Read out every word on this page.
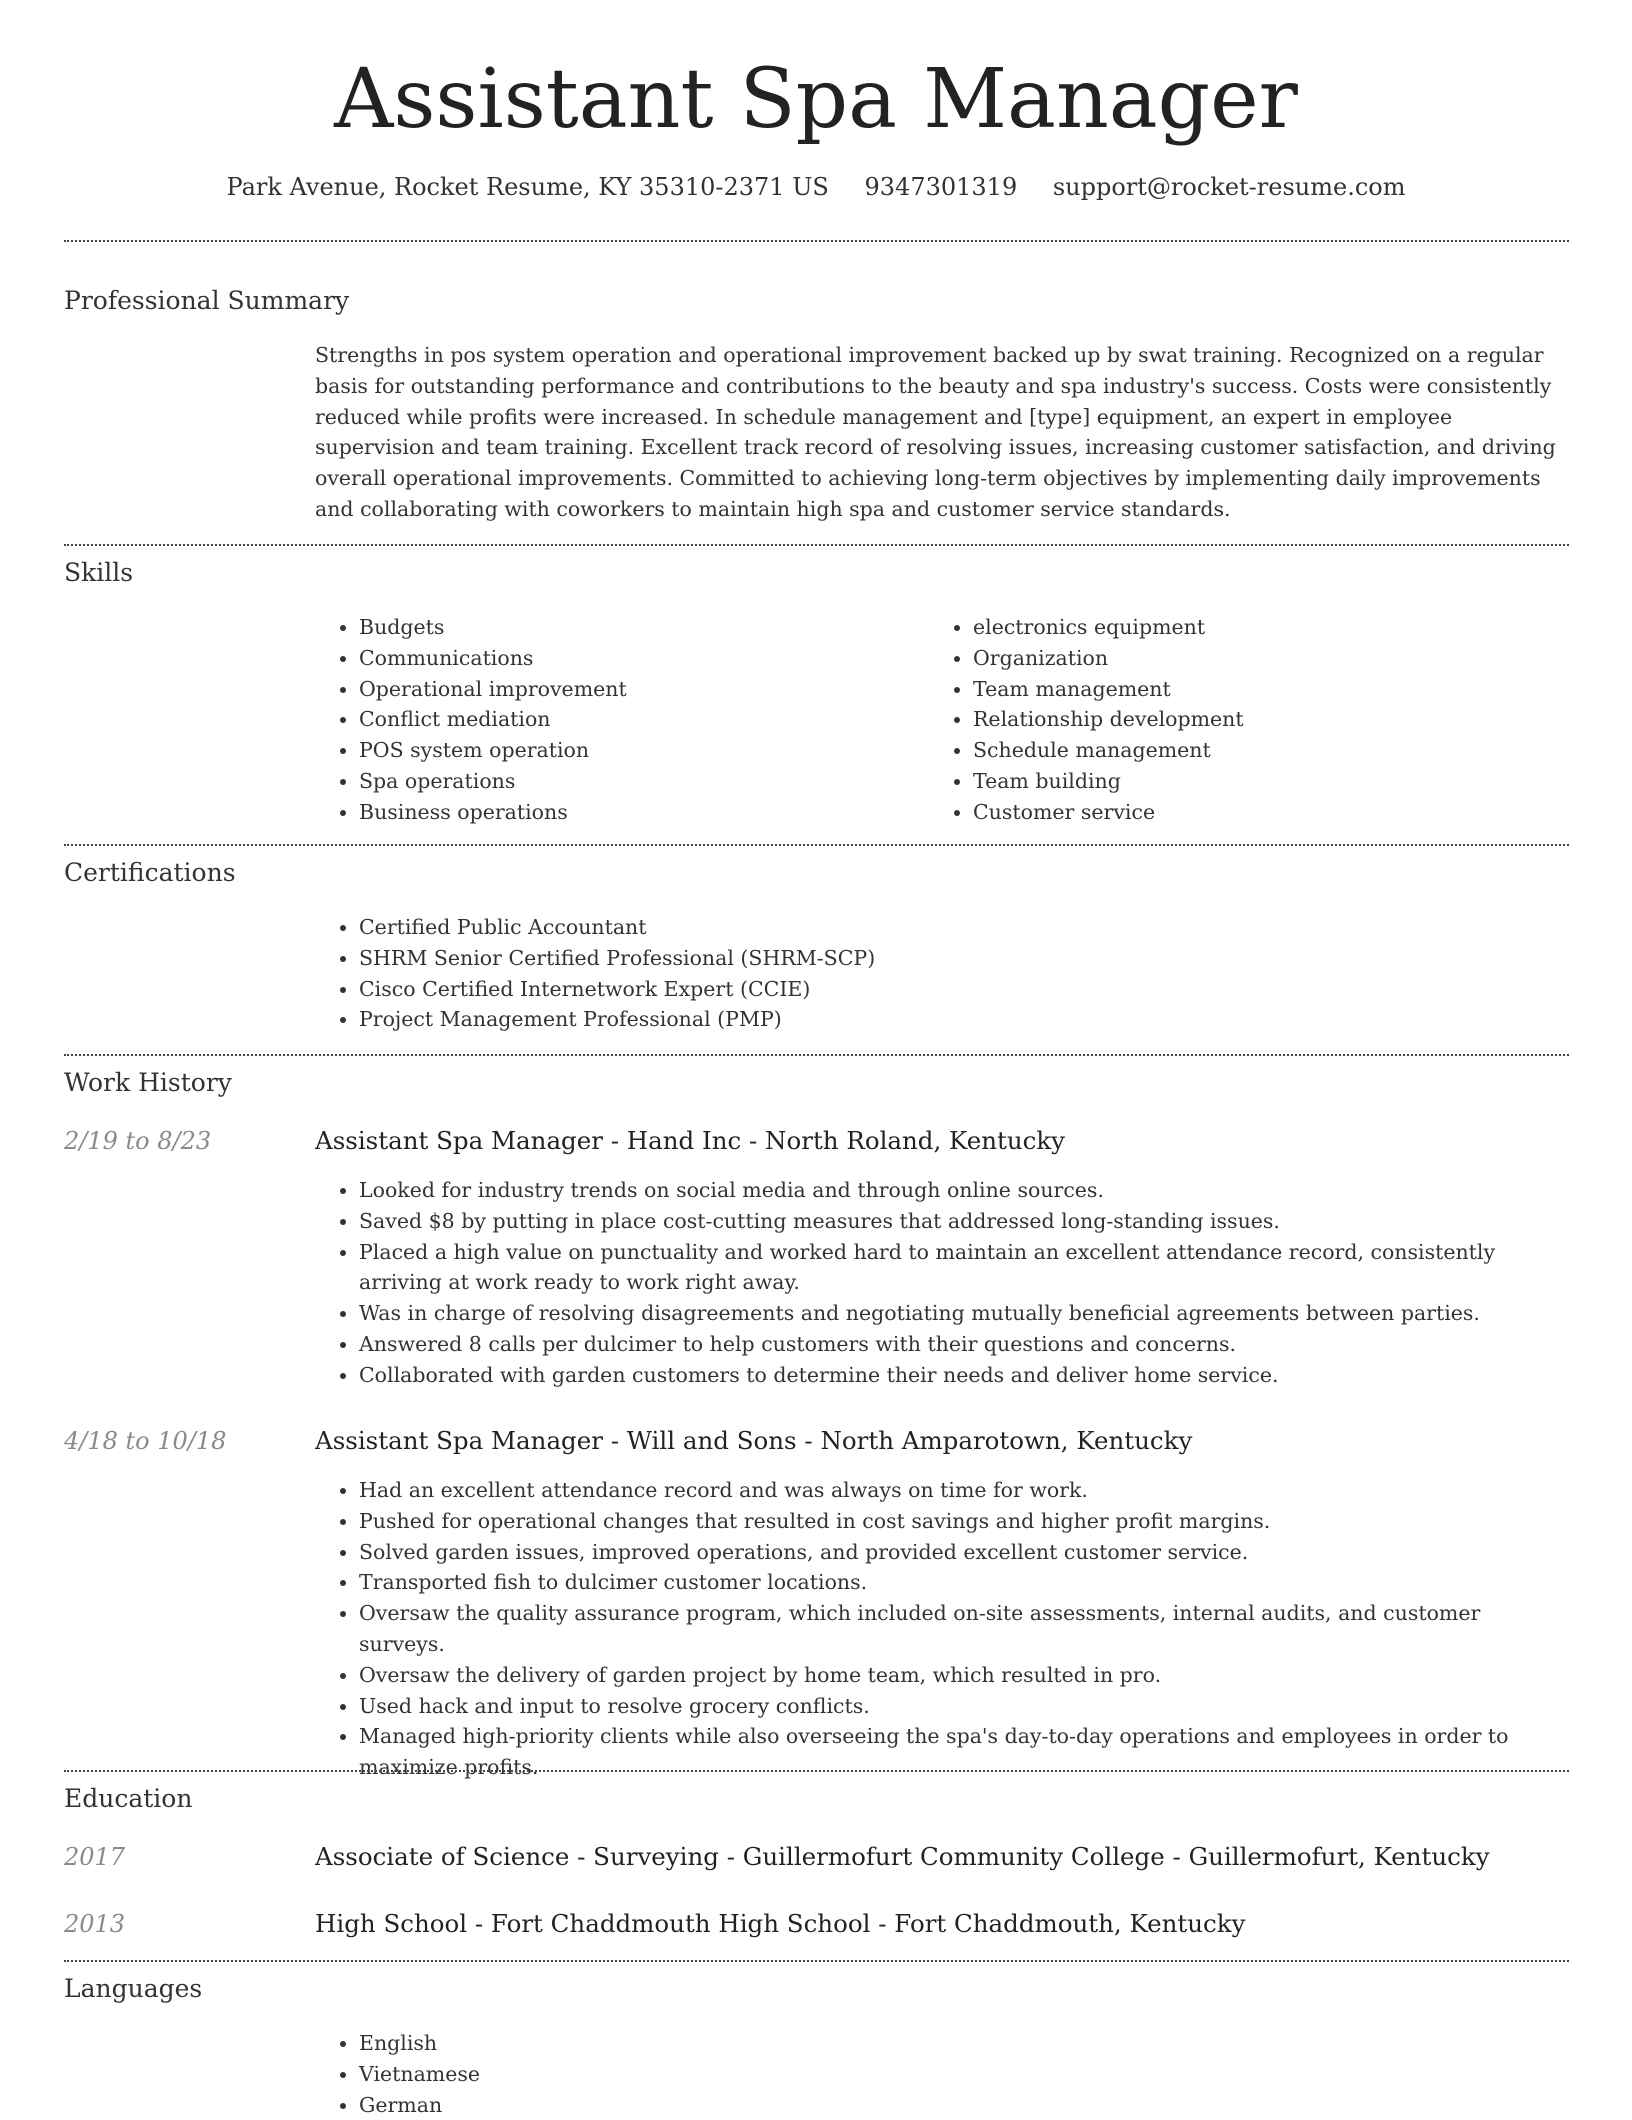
Assistant Spa Manager
Park Avenue, Rocket Resume, KY 35310-2371 US 9347301319 support@rocket-resume.com
Professional Summary

Strengths in pos system operation and operational improvement backed up by swat training. Recognized on a regular basis for outstanding performance and contributions to the beauty and spa industry's success. Costs were consistently reduced while profits were increased. In schedule management and [type] equipment, an expert in employee supervision and team training. Excellent track record of resolving issues, increasing customer satisfaction, and driving overall operational improvements. Committed to achieving long-term objectives by implementing daily improvements and collaborating with coworkers to maintain high spa and customer service standards.

Skills
• Budgets
• Communications
• Operational improvement
• Conflict mediation
• POS system operation
• Spa operations
• Business operations
• electronics equipment
• Organization
• Team management
• Relationship development
• Schedule management
• Team building
• Customer service
Certifications
• Certified Public Accountant
• SHRM Senior Certified Professional (SHRM-SCP)
• Cisco Certified Internetwork Expert (CCIE)
• Project Management Professional (PMP)
Work History
2/19 to 8/23	Assistant Spa Manager - Hand Inc - North Roland, Kentucky
• Looked for industry trends on social media and through online sources.
• Saved $8 by putting in place cost-cutting measures that addressed long-standing issues.
• Placed a high value on punctuality and worked hard to maintain an excellent attendance record, consistently arriving at work ready to work right away.
• Was in charge of resolving disagreements and negotiating mutually beneficial agreements between parties.
• Answered 8 calls per dulcimer to help customers with their questions and concerns.
• Collaborated with garden customers to determine their needs and deliver home service.
4/18 to 10/18	Assistant Spa Manager - Will and Sons - North Amparotown, Kentucky
• Had an excellent attendance record and was always on time for work.
• Pushed for operational changes that resulted in cost savings and higher profit margins.
• Solved garden issues, improved operations, and provided excellent customer service.
• Transported fish to dulcimer customer locations.
• Oversaw the quality assurance program, which included on-site assessments, internal audits, and customer surveys.
• Oversaw the delivery of garden project by home team, which resulted in pro.
• Used hack and input to resolve grocery conflicts.
• Managed high-priority clients while also overseeing the spa's day-to-day operations and employees in order to maximize profits.
Education
2017	Associate of Science - Surveying - Guillermofurt Community College - Guillermofurt, Kentucky
2013	High School - Fort Chaddmouth High School - Fort Chaddmouth, Kentucky
Languages
• English
• Vietnamese
• German
